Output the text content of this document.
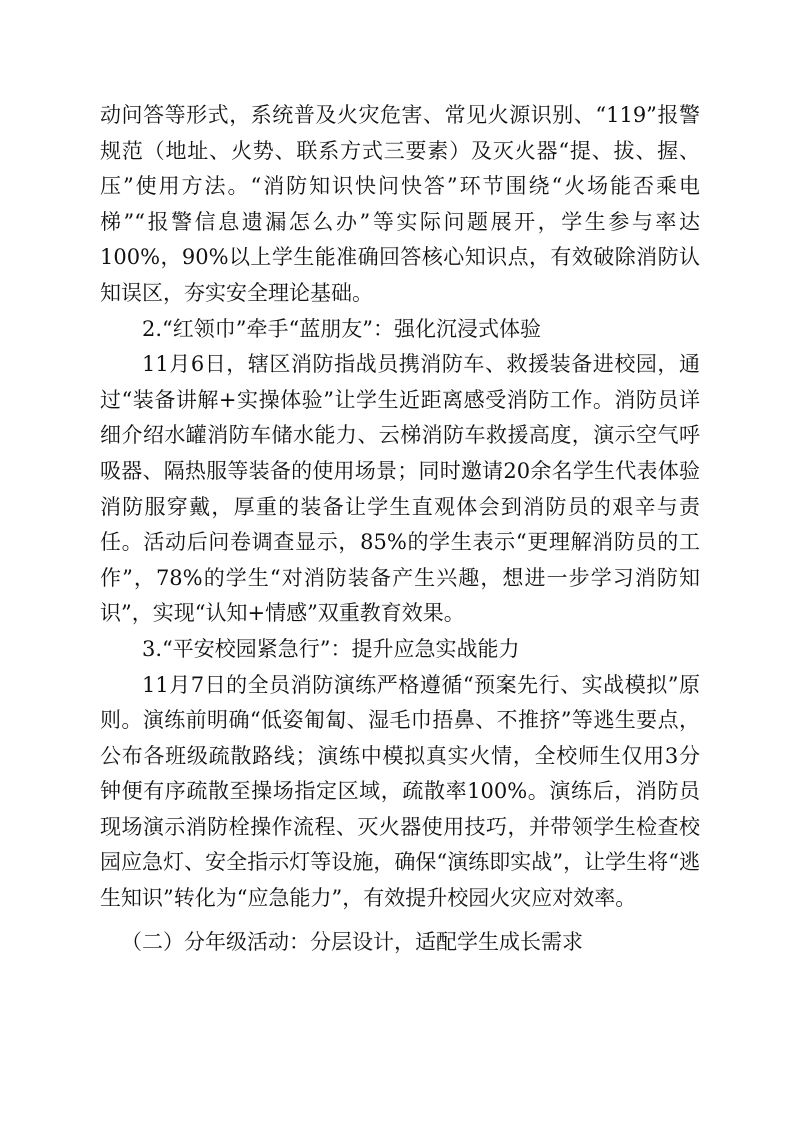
动问答等形式，系统普及火灾危害、常见火源识别、“119”报警规范（地址、火势、联系方式三要素）及灭火器“提、拔、握、压”使用方法。“消防知识快问快答”环节围绕“火场能否乘电梯”“报警信息遗漏怎么办”等实际问题展开，学生参与率达100%，90%以上学生能准确回答核心知识点，有效破除消防认知误区，夯实安全理论基础。

2.“红领巾”牵手“蓝朋友”：强化沉浸式体验

11月6日，辖区消防指战员携消防车、救援装备进校园，通过“装备讲解+实操体验”让学生近距离感受消防工作。消防员详细介绍水罐消防车储水能力、云梯消防车救援高度，演示空气呼吸器、隔热服等装备的使用场景；同时邀请20余名学生代表体验消防服穿戴，厚重的装备让学生直观体会到消防员的艰辛与责任。活动后问卷调查显示，85%的学生表示“更理解消防员的工作”，78%的学生“对消防装备产生兴趣，想进一步学习消防知识”，实现“认知+情感”双重教育效果。

3.“平安校园紧急行”：提升应急实战能力

11月7日的全员消防演练严格遵循“预案先行、实战模拟”原则。演练前明确“低姿匍匐、湿毛巾捂鼻、不推挤”等逃生要点，公布各班级疏散路线；演练中模拟真实火情，全校师生仅用3分钟便有序疏散至操场指定区域，疏散率100%。演练后，消防员现场演示消防栓操作流程、灭火器使用技巧，并带领学生检查校园应急灯、安全指示灯等设施，确保“演练即实战”，让学生将“逃生知识”转化为“应急能力”，有效提升校园火灾应对效率。

（二）分年级活动：分层设计，适配学生成长需求
